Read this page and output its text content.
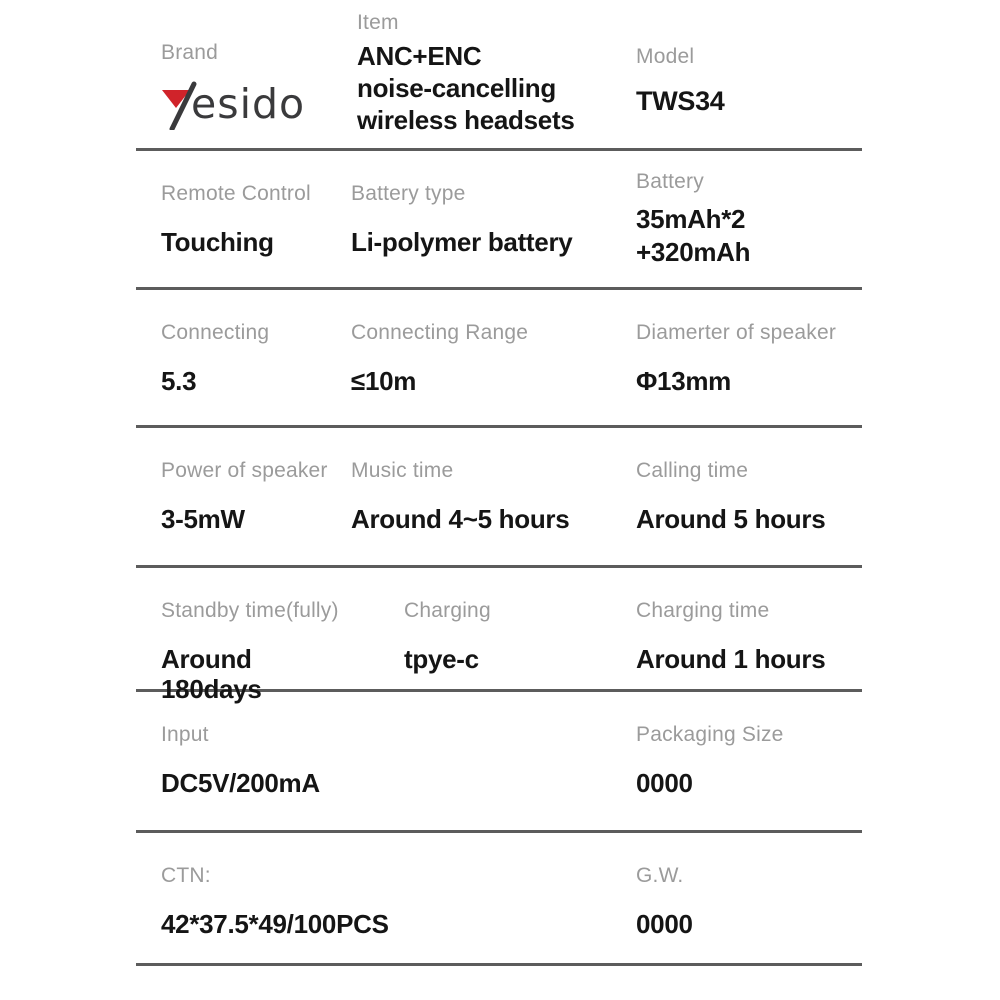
Brand
esido
Item
ANC+ENC
noise-cancelling
wireless headsets
Model
TWS34
Remote Control
Touching
Battery type
Li-polymer battery
Battery
35mAh*2
+320mAh
Connecting
5.3
Connecting Range
≤10m
Diamerter of speaker
Φ13mm
Power of speaker
3-5mW
Music time
Around 4~5 hours
Calling time
Around 5 hours
Standby time(fully)
Around 180days
Charging
tpye-c
Charging time
Around 1 hours
Input
DC5V/200mA
Packaging Size
0000
CTN:
42*37.5*49/100PCS
G.W.
0000
